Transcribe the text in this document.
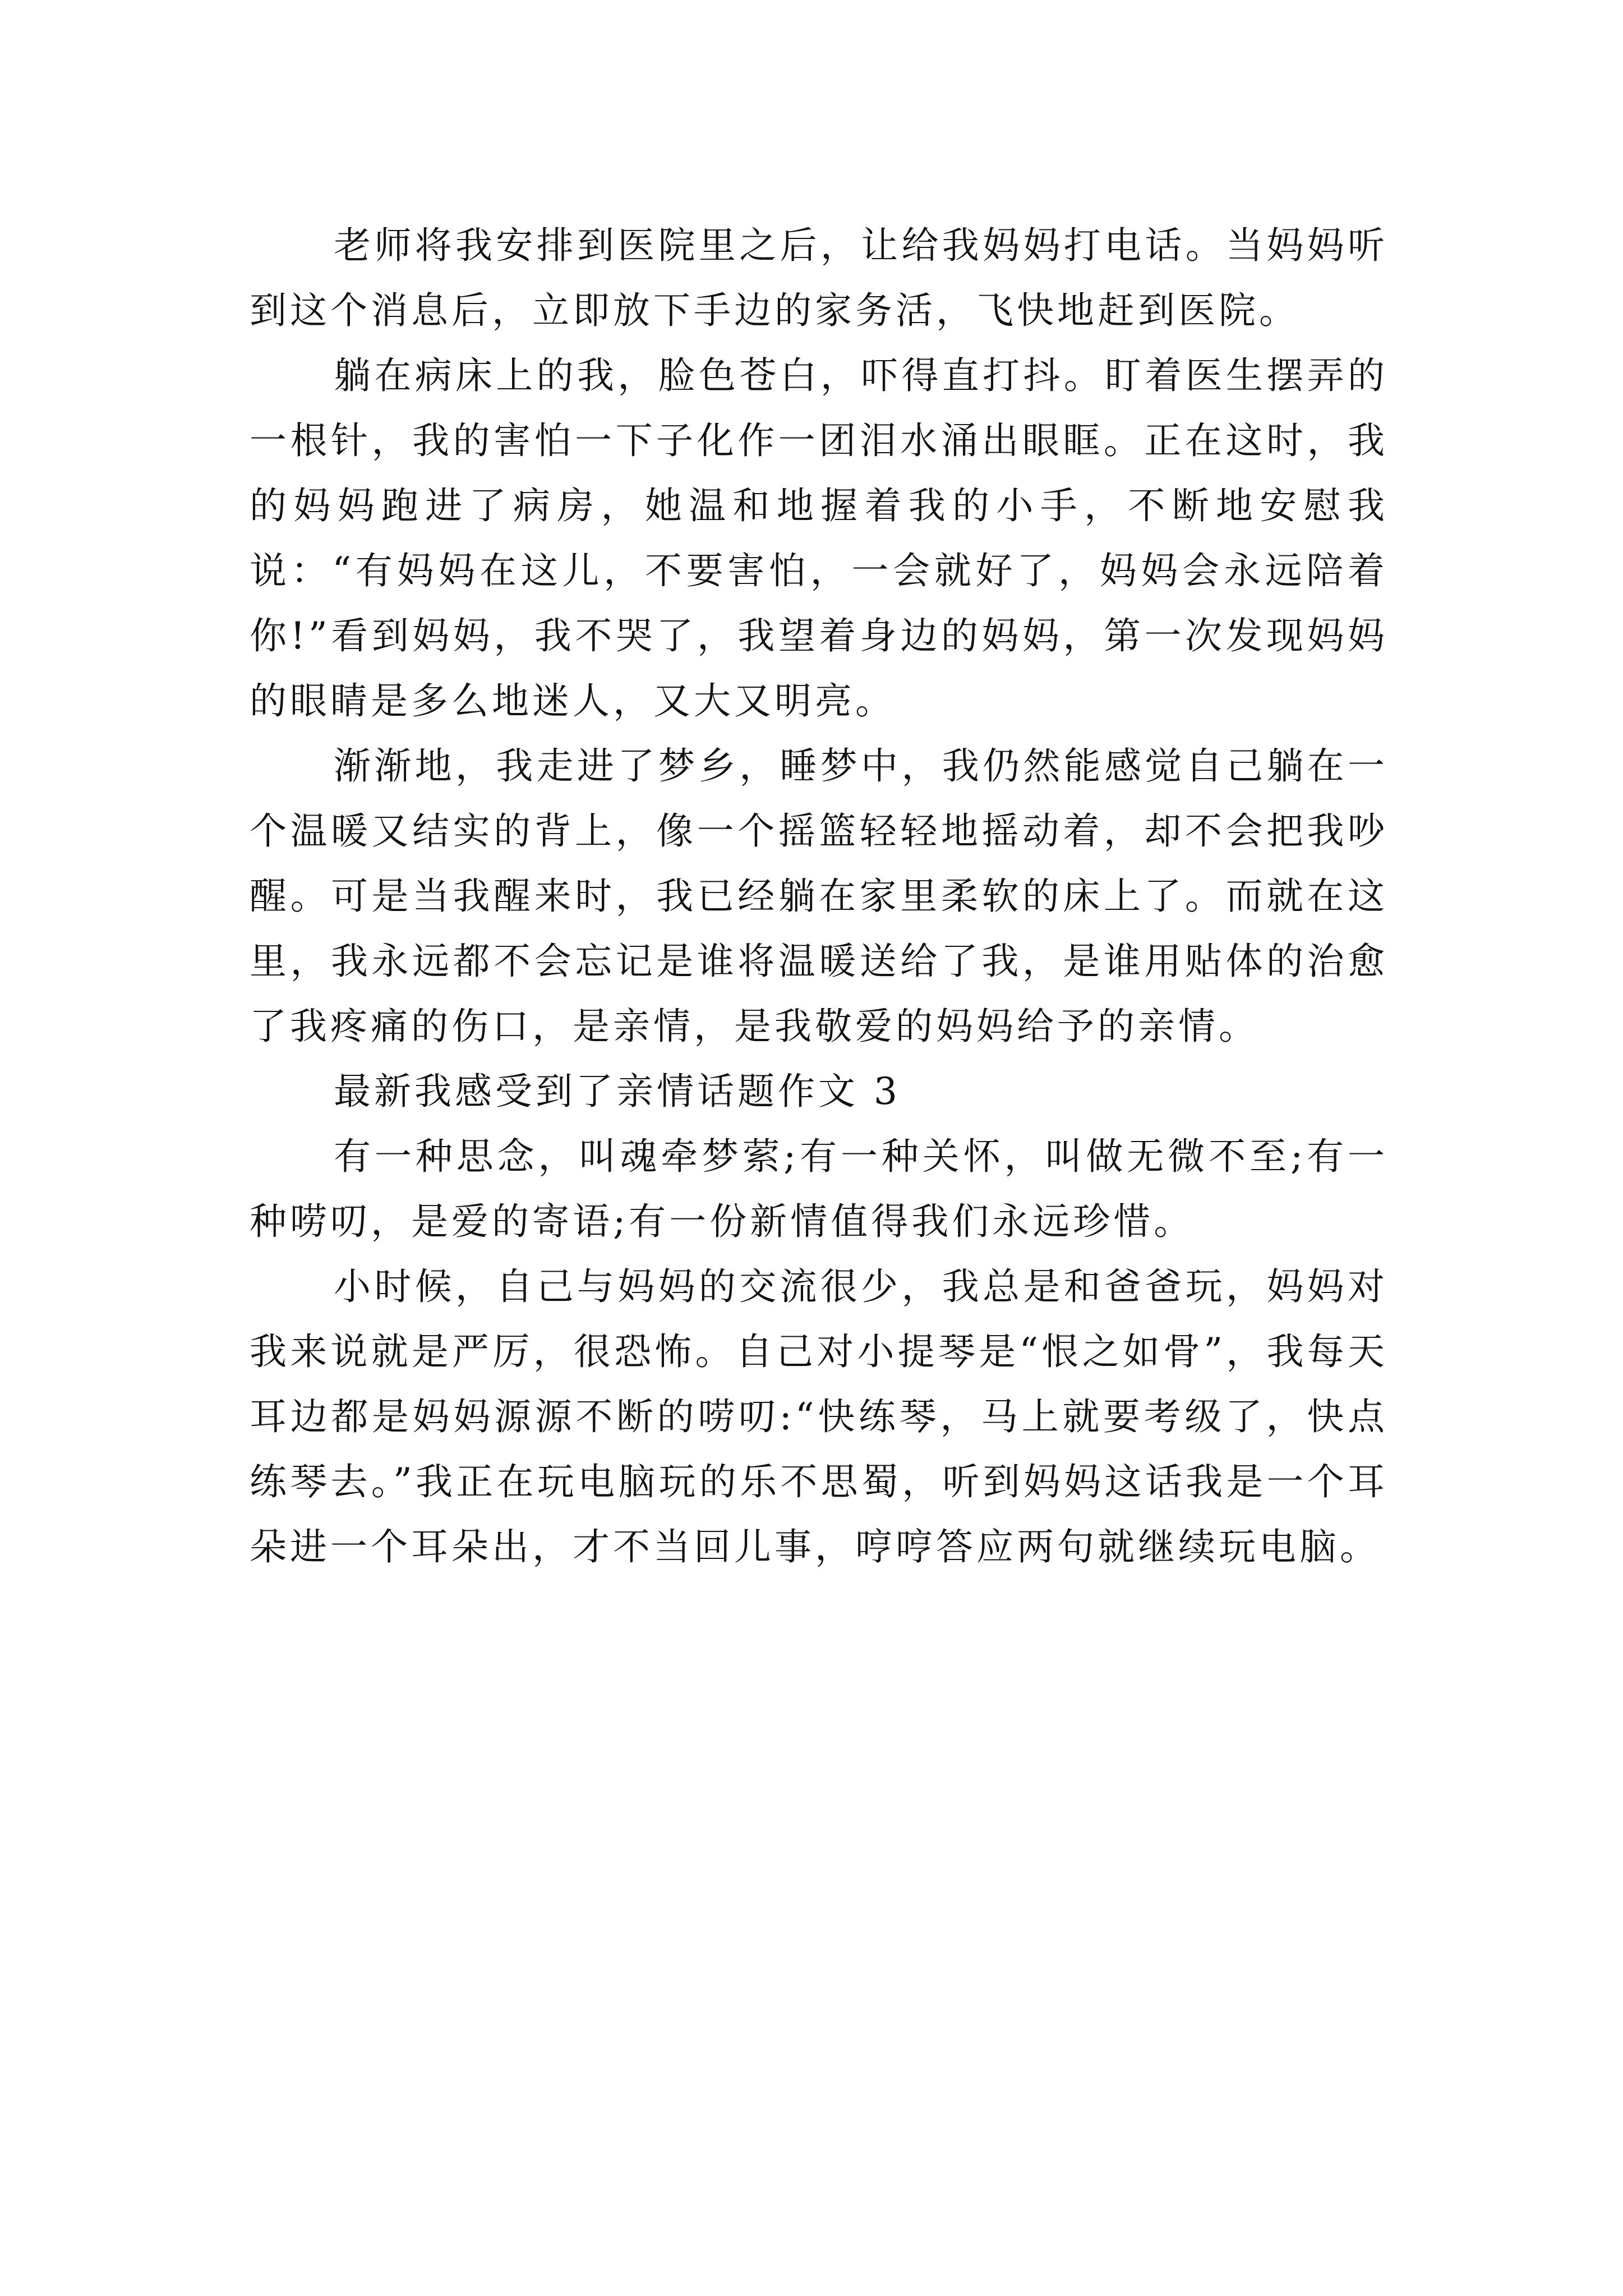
老师将我安排到医院里之后，让给我妈妈打电话。当妈妈听到这个消息后，立即放下手边的家务活，飞快地赶到医院。

躺在病床上的我，脸色苍白，吓得直打抖。盯着医生摆弄的一根针，我的害怕一下子化作一团泪水涌出眼眶。正在这时，我的妈妈跑进了病房，她温和地握着我的小手，不断地安慰我说：“有妈妈在这儿，不要害怕，一会就好了，妈妈会永远陪着你!”看到妈妈，我不哭了，我望着身边的妈妈，第一次发现妈妈的眼睛是多么地迷人，又大又明亮。

渐渐地，我走进了梦乡，睡梦中，我仍然能感觉自己躺在一个温暖又结实的背上，像一个摇篮轻轻地摇动着，却不会把我吵醒。可是当我醒来时，我已经躺在家里柔软的床上了。而就在这里，我永远都不会忘记是谁将温暖送给了我，是谁用贴体的治愈了我疼痛的伤口，是亲情，是我敬爱的妈妈给予的亲情。

最新我感受到了亲情话题作文 3

有一种思念，叫魂牵梦萦;有一种关怀，叫做无微不至;有一种唠叨，是爱的寄语;有一份新情值得我们永远珍惜。

小时候，自己与妈妈的交流很少，我总是和爸爸玩，妈妈对我来说就是严厉，很恐怖。自己对小提琴是“恨之如骨”，我每天耳边都是妈妈源源不断的唠叨:“快练琴，马上就要考级了，快点练琴去。”我正在玩电脑玩的乐不思蜀，听到妈妈这话我是一个耳朵进一个耳朵出，才不当回儿事，哼哼答应两句就继续玩电脑。
